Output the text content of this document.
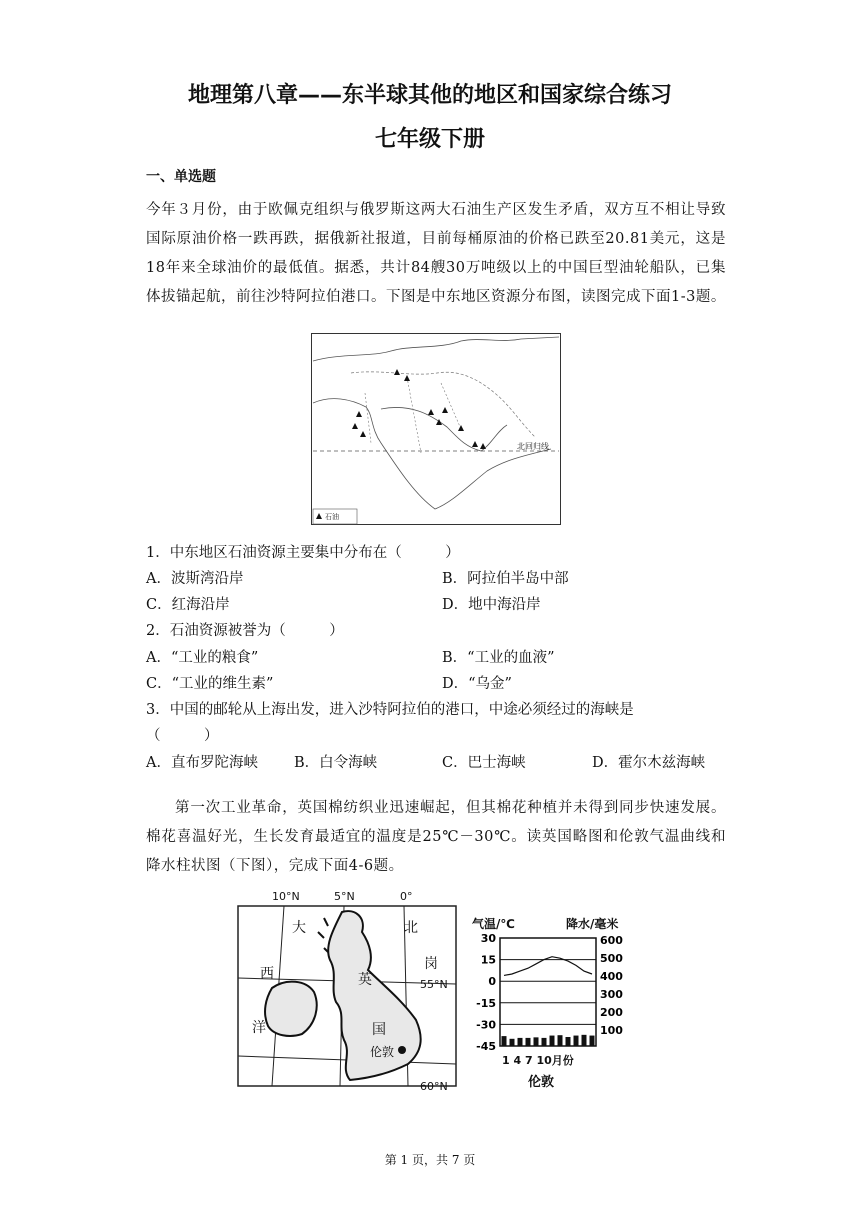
地理第八章——东半球其他的地区和国家综合练习
七年级下册
一、单选题
今年３月份，由于欧佩克组织与俄罗斯这两大石油生产区发生矛盾，双方互不相让导致国际原油价格一跌再跌，据俄新社报道，目前每桶原油的价格已跌至20.81美元，这是18年来全球油价的最低值。据悉，共计84艘30万吨级以上的中国巨型油轮船队，已集体拔锚起航，前往沙特阿拉伯港口。下图是中东地区资源分布图，读图完成下面1-3题。
北回归线
石油
1．中东地区石油资源主要集中分布在（　　　）
A．波斯湾沿岸	B．阿拉伯半岛中部
C．红海沿岸	D．地中海沿岸
2．石油资源被誉为（　　　）
A．“工业的粮食”	B．“工业的血液”
C．“工业的维生素”	D．“乌金”
3．中国的邮轮从上海出发，进入沙特阿拉伯的港口，中途必须经过的海峡是
（　　　）
A．直布罗陀海峡 B．白令海峡	C．巴士海峡	D．霍尔木兹海峡
第一次工业革命，英国棉纺织业迅速崛起，但其棉花种植并未得到同步快速发展。棉花喜温好光，生长发育最适宜的温度是25℃－30℃。读英国略图和伦敦气温曲线和降水柱状图（下图），完成下面4-6题。
10°N	5°N	0°
55°N
60°N
大
西
洋
北
岗
英
国
伦敦
气温/℃	降水/毫米
30
15
0
-15
-30
-45
600
500
400
300
200
100
1 4 7 10月份
伦敦
第 1 页，共 7 页
